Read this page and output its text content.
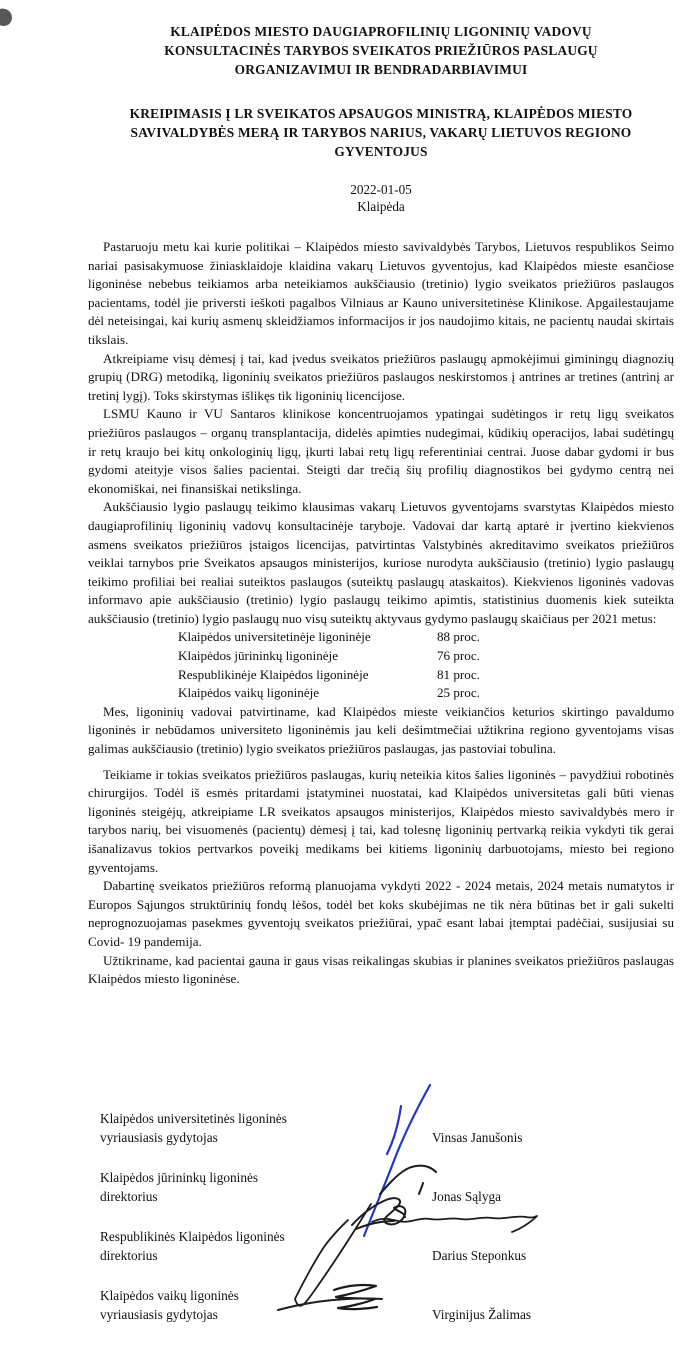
KLAIPĖDOS MIESTO DAUGIAPROFILINIŲ LIGONINIŲ VADOVŲ
KONSULTACINĖS TARYBOS SVEIKATOS PRIEŽIŪROS PASLAUGŲ
ORGANIZAVIMUI IR BENDRADARBIAVIMUI
KREIPIMASIS Į LR SVEIKATOS APSAUGOS MINISTRĄ, KLAIPĖDOS MIESTO
SAVIVALDYBĖS MERĄ IR TARYBOS NARIUS, VAKARŲ LIETUVOS REGIONO
GYVENTOJUS
2022-01-05
Klaipėda

Pastaruoju metu kai kurie politikai – Klaipėdos miesto savivaldybės Tarybos, Lietuvos respublikos Seimo nariai pasisakymuose žiniasklaidoje klaidina vakarų Lietuvos gyventojus, kad Klaipėdos mieste esančiose ligoninėse nebebus teikiamos arba neteikiamos aukščiausio (tretinio) lygio sveikatos priežiūros paslaugos pacientams, todėl jie priversti ieškoti pagalbos Vilniaus ar Kauno universitetinėse Klinikose. Apgailestaujame dėl neteisingai, kai kurių asmenų skleidžiamos informacijos ir jos naudojimo kitais, ne pacientų naudai skirtais tikslais.

Atkreipiame visų dėmesį į tai, kad įvedus sveikatos priežiūros paslaugų apmokėjimui giminingų diagnozių grupių (DRG) metodiką, ligoninių sveikatos priežiūros paslaugos neskirstomos į antrines ar tretines (antrinį ar tretinį lygį). Toks skirstymas išlikęs tik ligoninių licencijose.

LSMU Kauno ir VU Santaros klinikose koncentruojamos ypatingai sudėtingos ir retų ligų sveikatos priežiūros paslaugos – organų transplantacija, didelės apimties nudegimai, kūdikių operacijos, labai sudėtingų ir retų kraujo bei kitų onkologinių ligų, įkurti labai retų ligų referentiniai centrai. Juose dabar gydomi ir bus gydomi ateityje visos šalies pacientai. Steigti dar trečią šių profilių diagnostikos bei gydymo centrą nei ekonomiškai, nei finansiškai netikslinga.

Aukščiausio lygio paslaugų teikimo klausimas vakarų Lietuvos gyventojams svarstytas Klaipėdos miesto daugiaprofilinių ligoninių vadovų konsultacinėje taryboje. Vadovai dar kartą aptarė ir įvertino kiekvienos asmens sveikatos priežiūros įstaigos licencijas, patvirtintas Valstybinės akreditavimo sveikatos priežiūros veiklai tarnybos prie Sveikatos apsaugos ministerijos, kuriose nurodyta aukščiausio (tretinio) lygio paslaugų teikimo profiliai bei realiai suteiktos paslaugos (suteiktų paslaugų ataskaitos). Kiekvienos ligoninės vadovas informavo apie aukščiausio (tretinio) lygio paslaugų teikimo apimtis, statistinius duomenis kiek suteikta aukščiausio (tretinio) lygio paslaugų nuo visų suteiktų aktyvaus gydymo paslaugų skaičiaus per 2021 metus:

Klaipėdos universitetinėje ligoninėje	88 proc.
Klaipėdos jūrininkų ligoninėje	76 proc.
Respublikinėje Klaipėdos ligoninėje	81 proc.
Klaipėdos vaikų ligoninėje	25 proc.

Mes, ligoninių vadovai patvirtiname, kad Klaipėdos mieste veikiančios keturios skirtingo pavaldumo ligoninės ir nebūdamos universiteto ligoninėmis jau keli dešimtmečiai užtikrina regiono gyventojams visas galimas aukščiausio (tretinio) lygio sveikatos priežiūros paslaugas, jas pastoviai tobulina.

Teikiame ir tokias sveikatos priežiūros paslaugas, kurių neteikia kitos šalies ligoninės – pavydžiui robotinės chirurgijos. Todėl iš esmės pritardami įstatyminei nuostatai, kad Klaipėdos universitetas gali būti vienas ligoninės steigėjų, atkreipiame LR sveikatos apsaugos ministerijos, Klaipėdos miesto savivaldybės mero ir tarybos narių, bei visuomenės (pacientų) dėmesį į tai, kad tolesnę ligoninių pertvarką reikia vykdyti tik gerai išanalizavus tokios pertvarkos poveikį medikams bei kitiems ligoninių darbuotojams, miesto bei regiono gyventojams.

Dabartinę sveikatos priežiūros reformą planuojama vykdyti 2022 - 2024 metais, 2024 metais numatytos ir Europos Sąjungos struktūrinių fondų lėšos, todėl bet koks skubėjimas ne tik nėra būtinas bet ir gali sukelti neprognozuojamas pasekmes gyventojų sveikatos priežiūrai, ypač esant labai įtemptai padėčiai, susijusiai su Covid- 19 pandemija.

Užtikriname, kad pacientai gauna ir gaus visas reikalingas skubias ir planines sveikatos priežiūros paslaugas Klaipėdos miesto ligoninėse.

Klaipėdos universitetinės ligoninės
vyriausiasis gydytojas	Vinsas Janušonis
Klaipėdos jūrininkų ligoninės
direktorius	Jonas Sąlyga
Respublikinės Klaipėdos ligoninės
direktorius	Darius Steponkus
Klaipėdos vaikų ligoninės
vyriausiasis gydytojas	Virginijus Žalimas
